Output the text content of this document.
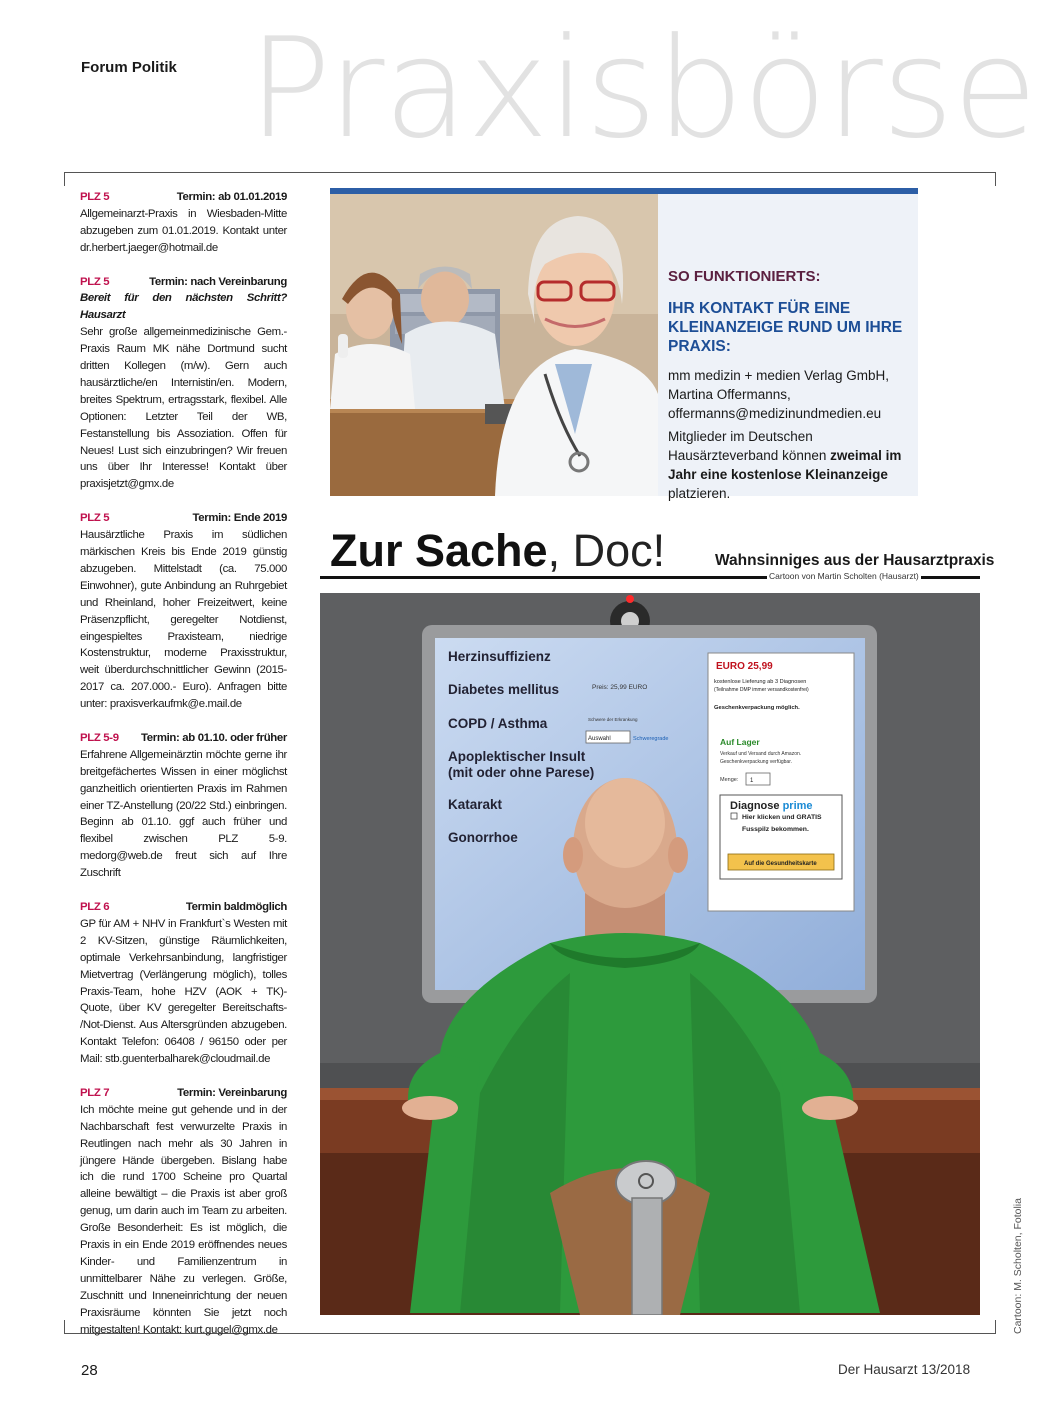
Forum Politik Praxisbörse
PLZ 5	Termin: ab 01.01.2019

Allgemeinarzt-Praxis in Wiesbaden-Mitte abzugeben zum 01.01.2019. Kontakt unter dr.herbert.jaeger@hotmail.de

PLZ 5	Termin: nach Vereinbarung

Bereit für den nächsten Schritt? Hausarzt

Sehr große allgemeinmedizinische Gem.-Praxis Raum MK nähe Dortmund sucht dritten Kollegen (m/w). Gern auch hausärztliche/en Internistin/en. Modern, breites Spektrum, ertragsstark, flexibel. Alle Optionen: Letzter Teil der WB, Festanstellung bis Assoziation. Offen für Neues! Lust sich einzubringen? Wir freuen uns über Ihr Interesse! Kontakt über praxisjetzt@gmx.de

PLZ 5	Termin: Ende 2019

Hausärztliche Praxis im südlichen märkischen Kreis bis Ende 2019 günstig abzugeben. Mittelstadt (ca. 75.000 Einwohner), gute Anbindung an Ruhrgebiet und Rheinland, hoher Freizeitwert, keine Präsenzpflicht, geregelter Notdienst, eingespieltes Praxisteam, niedrige Kostenstruktur, moderne Praxisstruktur, weit überdurchschnittlicher Gewinn (2015-2017 ca. 207.000.- Euro). Anfragen bitte unter: praxisverkaufmk@e.mail.de

PLZ 5-9 Termin: ab 01.10. oder früher

Erfahrene Allgemeinärztin möchte gerne ihr breitgefächertes Wissen in einer möglichst ganzheitlich orientierten Praxis im Rahmen einer TZ-Anstellung (20/22 Std.) einbringen. Beginn ab 01.10. ggf auch früher und flexibel zwischen PLZ 5-9. medorg@web.de freut sich auf Ihre Zuschrift

PLZ 6	Termin baldmöglich

GP für AM + NHV in Frankfurt`s Westen mit 2 KV-Sitzen, günstige Räumlichkeiten, optimale Verkehrsanbindung, langfristiger Mietvertrag (Verlängerung möglich), tolles Praxis-Team, hohe HZV (AOK + TK)-Quote, über KV geregelter Bereitschafts- /Not-Dienst. Aus Altersgründen abzugeben. Kontakt Telefon: 06408 / 96150 oder per Mail: stb.guenterbalharek@cloudmail.de

PLZ 7	Termin: Vereinbarung

Ich möchte meine gut gehende und in der Nachbarschaft fest verwurzelte Praxis in Reutlingen nach mehr als 30 Jahren in jüngere Hände übergeben. Bislang habe ich die rund 1700 Scheine pro Quartal alleine bewältigt – die Praxis ist aber groß genug, um darin auch im Team zu arbeiten. Große Besonderheit: Es ist möglich, die Praxis in ein Ende 2019 eröffnendes neues Kinder- und Familienzentrum in unmittelbarer Nähe zu verlegen. Größe, Zuschnitt und Inneneinrichtung der neuen Praxisräume könnten Sie jetzt noch mitgestalten! Kontakt: kurt.gugel@gmx.de

SO FUNKTIONIERTS:

IHR KONTAKT FÜR EINE KLEINANZEIGE RUND UM IHRE PRAXIS:

mm medizin + medien Verlag GmbH,
Martina Offermanns,
offermanns@medizinundmedien.eu

Mitglieder im Deutschen Hausärzteverband können zweimal im Jahr eine kostenlose Kleinanzeige platzieren.

Zur Sache, Doc!	Wahnsinniges aus der Hausarztpraxis
Cartoon von Martin Scholten (Hausarzt)
Herzinsuffizienz
Diabetes mellitus
COPD / Asthma
Apoplektischer Insult
(mit oder ohne Parese)
Katarakt
Gonorrhoe
Preis: 25,99 EURO
Schwere der Erkrankung
Auswahl	Schweregrade
EURO 25,99
kostenlose Lieferung ab 3 Diagnosen
(Teilnahme DMP immer versandkostenfrei)
Geschenkverpackung möglich.
Auf Lager
Verkauf und Versand durch Amazon.
Geschenkverpackung verfügbar.
Menge: 1
Diagnose prime
Hier klicken und GRATIS
Fusspilz bekommen.
Auf die Gesundheitskarte
Cartoon: M. Scholten, Fotolia
28	Der Hausarzt 13/2018
